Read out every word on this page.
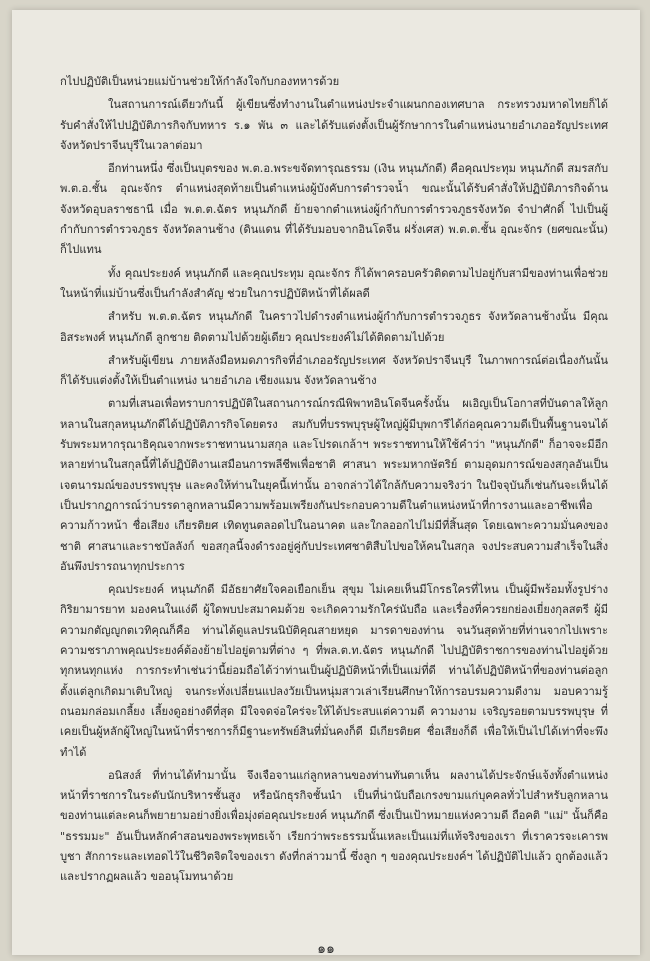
กไปปฏิบัติเป็นหน่วยแม่บ้านช่วยให้กำลังใจกับกองทหารด้วย

ในสถานการณ์เดียวกันนี้ ผู้เขียนซึ่งทำงานในตำแหน่งประจำแผนกกองเทศบาล กระทรวงมหาดไทยก็ได้รับคำสั่งให้ไปปฏิบัติภารกิจกับทหาร ร.๑ พัน ๓ และได้รับแต่งตั้งเป็นผู้รักษาการในตำแหน่งนายอำเภออรัญประเทศ จังหวัดปราจีนบุรีในเวลาต่อมา

อีกท่านหนึ่ง ซึ่งเป็นบุตรของ พ.ต.อ.พระขจัดทารุณธรรม (เงิน หนุนภักดี) คือคุณประทุม หนุนภักดี สมรสกับ พ.ต.อ.ชั้น อุณะจักร ตำแหน่งสุดท้ายเป็นตำแหน่งผู้บังคับการตำรวจน้ำ ขณะนั้นได้รับคำสั่งให้ปฏิบัติภารกิจด้านจังหวัดอุบลราชธานี เมื่อ พ.ต.ต.ฉัตร หนุนภักดี ย้ายจากตำแหน่งผู้กำกับการตำรวจภูธรจังหวัด จำปาศักดิ์ ไปเป็นผู้กำกับการตำรวจภูธร จังหวัดลานช้าง (ดินแดน ที่ได้รับมอบจากอินโดจีน ฝรั่งเศส) พ.ต.ต.ชั้น อุณะจักร (ยศขณะนั้น) ก็ไปแทน

ทั้ง คุณประยงค์ หนุนภักดี และคุณประทุม อุณะจักร ก็ได้พาครอบครัวติดตามไปอยู่กับสามีของท่านเพื่อช่วยในหน้าที่แม่บ้านซึ่งเป็นกำลังสำคัญ ช่วยในการปฏิบัติหน้าที่ได้ผลดี

สำหรับ พ.ต.ต.ฉัตร หนุนภักดี ในคราวไปดำรงตำแหน่งผู้กำกับการตำรวจภูธร จังหวัดลานช้างนั้น มีคุณอิสระพงศ์ หนุนภักดี ลูกชาย ติดตามไปด้วยผู้เดียว คุณประยงค์ไม่ได้ติดตามไปด้วย

สำหรับผู้เขียน ภายหลังมือหมดภารกิจที่อำเภออรัญประเทศ จังหวัดปราจีนบุรี ในภาพการณ์ต่อเนื่องกันนั้น ก็ได้รับแต่งตั้งให้เป็นตำแหน่ง นายอำเภอ เชียงแมน จังหวัดลานช้าง

ตามที่เสนอเพื่อทราบการปฏิบัติในสถานการณ์กรณีพิพาทอินโดจีนครั้งนั้น ผเอิญเป็นโอกาสที่บันดาลให้ลูกหลานในสกุลหนุนภักดีได้ปฏิบัติภารกิจโดยตรง สมกับที่บรรพบุรุษผู้ใหญ่ผู้มีบุพการีได้ก่อคุณความดีเป็นพื้นฐานจนได้รับพระมหากรุณาธิคุณจากพระราชทานนามสกุล และโปรดเกล้าฯ พระราชทานให้ใช้คำว่า "หนุนภักดี" ก็อาจจะมีอีกหลายท่านในสกุลนี้ที่ได้ปฏิบัติงานเสมือนการพลีชีพเพื่อชาติ ศาสนา พระมหากษัตริย์ ตามอุดมการณ์ของสกุลอันเป็นเจตนารมณ์ของบรรพบุรุษ และคงให้ท่านในยุคนี้เท่านั้น อาจกล่าวได้ใกล้กับความจริงว่า ในปัจจุบันก็เช่นกันจะเห็นได้เป็นปรากฏการณ์ว่าบรรดาลูกหลานมีความพร้อมเพรียงกันประกอบความดีในตำแหน่งหน้าที่การงานและอาชีพเพื่อความก้าวหน้า ชื่อเสียง เกียรติยศ เทิดทูนตลอดไปในอนาคต และใกลออกไปไม่มีที่สิ้นสุด โดยเฉพาะความมั่นคงของชาติ ศาสนาและราชบัลลังก์ ขอสกุลนี้จงดำรงอยู่คู่กับประเทศชาติสืบไปขอให้คนในสกุล จงประสบความสำเร็จในสิ่งอันพึงปรารถนาทุกประการ

คุณประยงค์ หนุนภักดี มีอัธยาศัยใจคอเยือกเย็น สุขุม ไม่เคยเห็นมีโกรธใครที่ไหน เป็นผู้มีพร้อมทั้งรูปร่าง กิริยามารยาท มองคนในแง่ดี ผู้ใดพบปะสมาคมด้วย จะเกิดความรักใคร่นับถือ และเรื่องที่ควรยกย่องเยี่ยงกุลสตรี ผู้มีความกตัญญูกตเวทิคุณก็คือ ท่านได้ดูแลปรนนิบัติคุณสายหยุด มารดาของท่าน จนวันสุดท้ายที่ท่านจากไปเพราะความชราภาพคุณประยงค์ต้องย้ายไปอยู่ตามที่ต่าง ๆ ที่พล.ต.ท.ฉัตร หนุนภักดี ไปปฏิบัติราชการของท่านไปอยู่ด้วยทุกหนทุกแห่ง การกระทำเช่นว่านี้ย่อมถือได้ว่าท่านเป็นผู้ปฏิบัติหน้าที่เป็นแม่ที่ดี ท่านได้ปฏิบัติหน้าที่ของท่านต่อลูก ตั้งแต่ลูกเกิดมาเติบใหญ่ จนกระทั่งเปลี่ยนแปลงวัยเป็นหนุ่มสาวเล่าเรียนศึกษาให้การอบรมความดีงาม มอบความรู้ ถนอมกล่อมเกลี้ยง เลี้ยงดูอย่างดีที่สุด มีใจจดจ่อใคร่จะให้ได้ประสบแต่ความดี ความงาม เจริญรอยตามบรรพบุรุษ ที่เคยเป็นผู้หลักผู้ใหญ่ในหน้าที่ราชการก็มีฐานะทรัพย์สินที่มั่นคงก็ดี มีเกียรติยศ ชื่อเสียงก็ดี เพื่อให้เป็นไปได้เท่าที่จะพึงทำได้

อนิสงส์ ที่ท่านได้ทำมานั้น จึงเจือจานแก่ลูกหลานของท่านทันตาเห็น ผลงานได้ประจักษ์แจ้งทั้งตำแหน่งหน้าที่ราชการในระดับนักบริหารชั้นสูง หรือนักธุรกิจชั้นนำ เป็นที่น่านับถือเกรงขามแก่บุคคลทั่วไปสำหรับลูกหลานของท่านแต่ละคนก็พยายามอย่างยิ่งเพื่อมุ่งต่อคุณประยงค์ หนุนภักดี ซึ่งเป็นเป้าหมายแห่งความดี ถือคติ "แม่" นั้นก็คือ "ธรรมมะ" อันเป็นหลักคำสอนของพระพุทธเจ้า เรียกว่าพระธรรมนั้นเหละเป็นแม่ที่แท้จริงของเรา ที่เราควรจะเคารพบูชา สักการะและเทอดไว้ในชีวิตจิตใจของเรา ดังที่กล่าวมานี้ ซึ่งลูก ๆ ของคุณประยงค์ฯ ได้ปฏิบัติไปแล้ว ถูกต้องแล้ว และปรากฏผลแล้ว ขออนุโมทนาด้วย

๑๑
